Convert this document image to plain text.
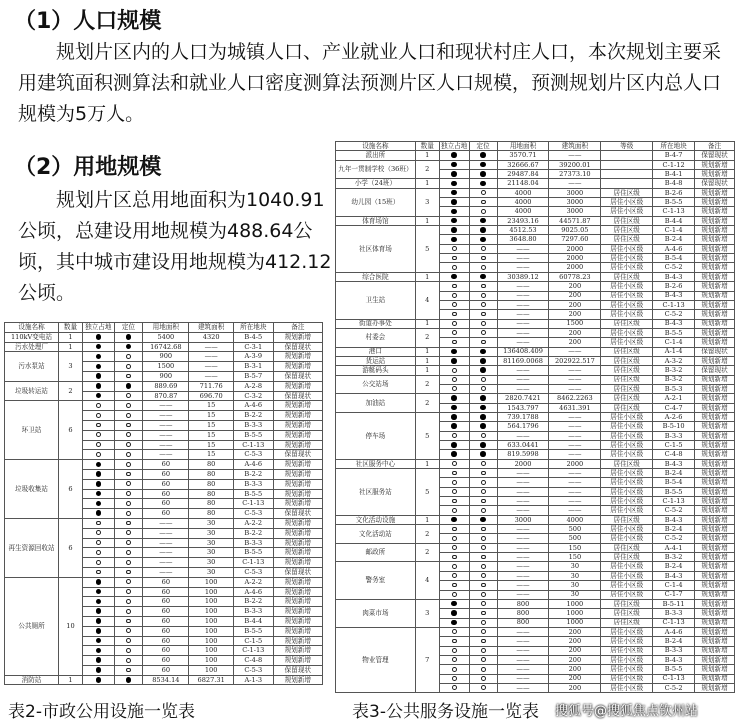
（1）人口规模
规划片区内的人口为城镇人口、产业就业人口和现状村庄人口，本次规划主要采用建筑面积测算法和就业人口密度测算法预测片区人口规模，预测规划片区内总人口规模为5万人。
（2）用地规模
规划片区总用地面积为1040.91公顷，总建设用地规模为488.64公顷，其中城市建设用地规模为412.12公顷。
设施名称	数量	独立占地	定位	用地面积	建筑面积	所在地块	备注
110kV变电站	1			5400	4320	B-4-5	规划新增
污水处理厂	1			16742.68	——	C-3-1	保留现状
污水泵站	3			900	——	A-3-9	规划新增
				1500	——	B-3-1	规划新增
				900	——	B-5-7	保留现状
垃圾转运站	2			889.69	711.76	A-2-8	规划新增
				870.87	696.70	C-3-2	保留现状
环卫站	6			——	15	A-4-6	规划新增
				——	15	B-2-2	规划新增
				——	15	B-3-3	规划新增
				——	15	B-5-5	规划新增
				——	15	C-1-13	规划新增
				——	15	C-5-3	保留现状
垃圾收集站	6			60	80	A-4-6	规划新增
				60	80	B-2-2	规划新增
				60	80	B-3-3	规划新增
				60	80	B-5-5	规划新增
				60	80	C-1-13	规划新增
				60	80	C-5-3	保留现状
再生资源回收站	6			——	30	A-2-2	规划新增
				——	30	B-2-2	规划新增
				——	30	B-3-3	规划新增
				——	30	B-5-5	规划新增
				——	30	C-1-13	规划新增
				——	30	C-5-3	保留现状
公共厕所	10			60	100	A-2-2	规划新增
				60	100	A-4-6	规划新增
				60	100	B-2-2	规划新增
				60	100	B-3-3	规划新增
				60	100	B-4-4	规划新增
				60	100	B-5-5	规划新增
				60	100	C-1-5	规划新增
				60	100	C-1-13	规划新增
				60	100	C-4-8	规划新增
				60	100	C-5-3	保留现状
消防站	1			8534.14	6827.31	A-1-3	规划新增
设施名称	数量	独立占地	定位	用地面积	建筑面积	等级	所在地块	备注
派出所	1			3570.71	——		B-4-7	保留现状
九年一贯制学校（36班）	2			32666.67	39200.01		C-1-12	规划新增
				29487.84	27373.10		B-4-1	规划新增
小学（24班）	1			21148.04	——		B-4-8	保留现状
幼儿园（15班）	3			4000	3000	居住区级	B-2-6	规划新增
				4000	3000	居住小区级	B-5-5	规划新增
				4000	3000	居住小区级	C-1-13	规划新增
体育场馆	1			23493.16	44571.87	居住区级	B-4-4	规划新增
社区体育场	5			4512.53	9025.05	居住区级	C-1-4	规划新增
				3648.80	7297.60	居住区级	B-2-4	规划新增
				——	2000	居住小区级	A-4-6	规划新增
				——	2000	居住小区级	B-5-4	规划新增
				——	2000	居住小区级	C-5-2	规划新增
综合医院	1			30389.12	60778.23	居住区级	B-4-3	规划新增
卫生站	4			——	200	居住小区级	B-2-6	规划新增
				——	200	居住小区级	B-4-3	规划新增
				——	200	居住小区级	C-1-13	规划新增
				——	200	居住小区级	C-5-2	规划新增
街道办事处	1			——	1500	居住区级	B-4-3	规划新增
村委会	2			——	200	居住小区级	B-5-5	规划新增
				——	200	居住小区级	C-1-4	规划新增
港口	1			136408.409	——	居住区级	A-1-4	保留现状
货运站	1			81169.0068	202922.517	居住区级	A-3-2	规划新增
游艇码头	1			——	——	居住区级	B-3-2	保留现状
公交站场	2			——	——	居住区级	B-3-2	规划新增
				——	——	居住区级	B-5-3	规划新增
加油站	2			2820.7421	8462.2263	居住区级	A-2-1	规划新增
				1543.797	4631.391	居住区级	C-4-7	规划新增
停车场	5			739.1788	——	居住小区级	A-2-6	规划新增
				564.1796	——	居住小区级	B-5-10	规划新增
				——	——	居住小区级	B-3-3	规划新增
				633.0441	——	居住小区级	C-1-5	规划新增
				819.5998	——	居住小区级	C-4-8	规划新增
社区服务中心	1			2000	2000	居住区级	B-4-3	规划新增
社区服务站	5			——	——	居住小区级	B-2-4	规划新增
				——	——	居住小区级	B-5-4	规划新增
				——	——	居住小区级	B-5-5	规划新增
				——	——	居住小区级	C-1-13	规划新增
				——	——	居住小区级	C-5-2	规划新增
文化活动设施	1			3000	4000	居住区级	B-4-3	规划新增
文化活动站	2			——	500	居住小区级	B-2-4	规划新增
				——	500	居住小区级	C-5-2	规划新增
邮政所	2			——	150	居住区级	A-4-1	规划新增
				——	150	居住区级	B-3-2	规划新增
警务室	4			——	30	居住小区级	B-2-4	规划新增
				——	30	居住小区级	B-4-3	规划新增
				——	30	居住小区级	C-1-4	规划新增
				——	30	居住小区级	C-1-7	规划新增
肉菜市场	3			800	1000	居住区级	B-5-11	规划新增
				800	1000	居住区级	B-3-3	规划新增
				800	1000	居住区级	C-1-13	规划新增
物业管理	7			——	200	居住小区级	A-4-6	规划新增
				——	200	居住小区级	B-2-4	规划新增
				——	200	居住小区级	B-3-3	规划新增
				——	200	居住小区级	B-4-3	规划新增
				——	200	居住小区级	B-5-5	规划新增
				——	200	居住小区级	C-1-13	规划新增
				——	200	居住小区级	C-5-2	规划新增
表2-市政公用设施一览表	表3-公共服务设施一览表 搜狐号@搜狐焦点钦州站
